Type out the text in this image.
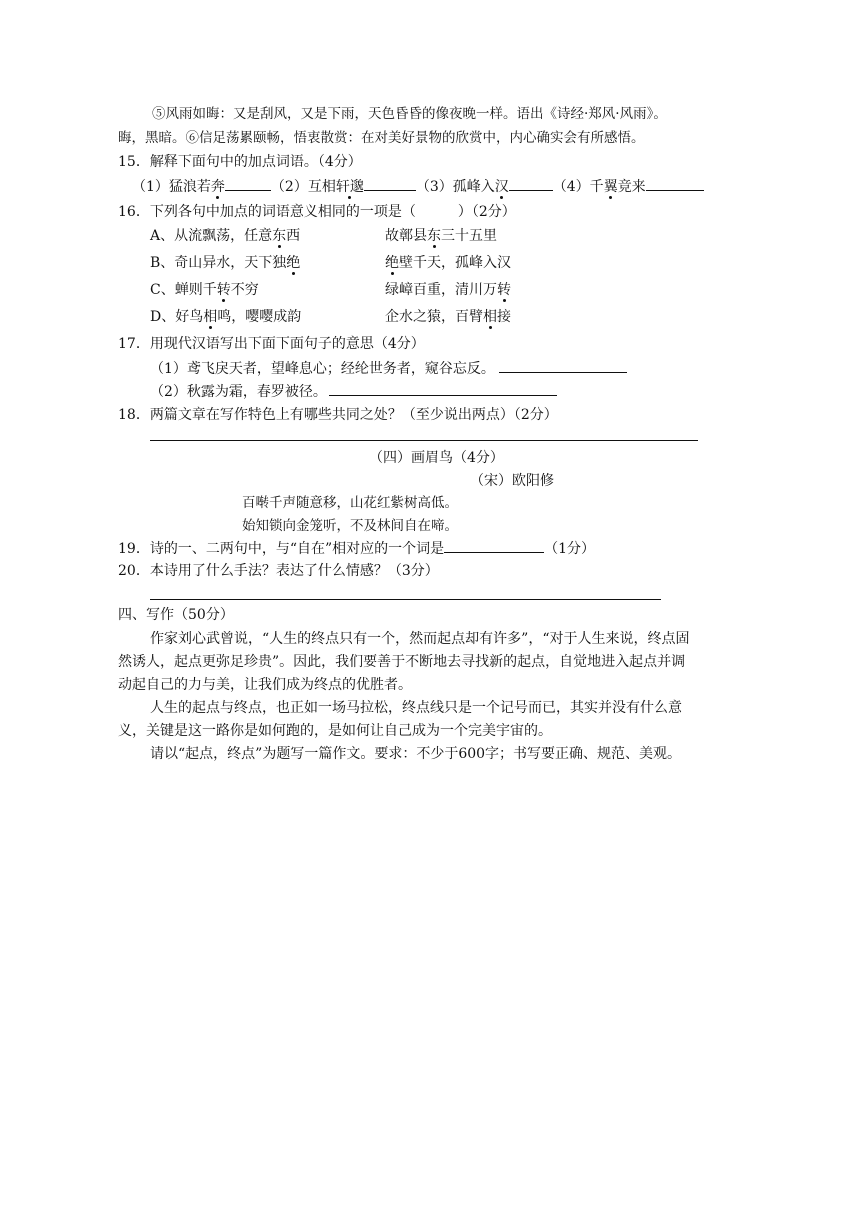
⑤风雨如晦：又是刮风，又是下雨，天色昏昏的像夜晚一样。语出《诗经·郑风·风雨》。
晦，黑暗。⑥信足荡累颐畅，悟衷散赏：在对美好景物的欣赏中，内心确实会有所感悟。
15．解释下面句中的加点词语。（4分）
（1）猛浪若奔	（2）互相轩邈	（3）孤峰入汉	（4）千翼竞来
16．下列各句中加点的词语意义相同的一项是（　　　）（2分）
A、从流飘荡，任意东西	故鄣县东三十五里
B、奇山异水，天下独绝	绝壁千天，孤峰入汉
C、蝉则千转不穷	绿嶂百重，清川万转
D、好鸟相鸣，嘤嘤成韵	企水之猿，百臂相接
17．用现代汉语写出下面下面句子的意思（4分）
（1）鸢飞戾天者，望峰息心；经纶世务者，窥谷忘反。
（2）秋露为霜，春罗被径。
18．两篇文章在写作特色上有哪些共同之处？（至少说出两点）（2分）
（四）画眉鸟（4分）
（宋）欧阳修
百啭千声随意移，山花红紫树高低。
始知锁向金笼听，不及林间自在啼。
19．诗的一、二两句中，与“自在”相对应的一个词是	（1分）
20．本诗用了什么手法？表达了什么情感？（3分）
四、写作（50分）
作家刘心武曾说，“人生的终点只有一个，然而起点却有许多”，“对于人生来说，终点固
然诱人，起点更弥足珍贵”。因此，我们要善于不断地去寻找新的起点，自觉地进入起点并调
动起自己的力与美，让我们成为终点的优胜者。
人生的起点与终点，也正如一场马拉松，终点线只是一个记号而已，其实并没有什么意
义，关键是这一路你是如何跑的，是如何让自己成为一个完美宇宙的。
请以“起点，终点”为题写一篇作文。要求：不少于600字；书写要正确、规范、美观。
